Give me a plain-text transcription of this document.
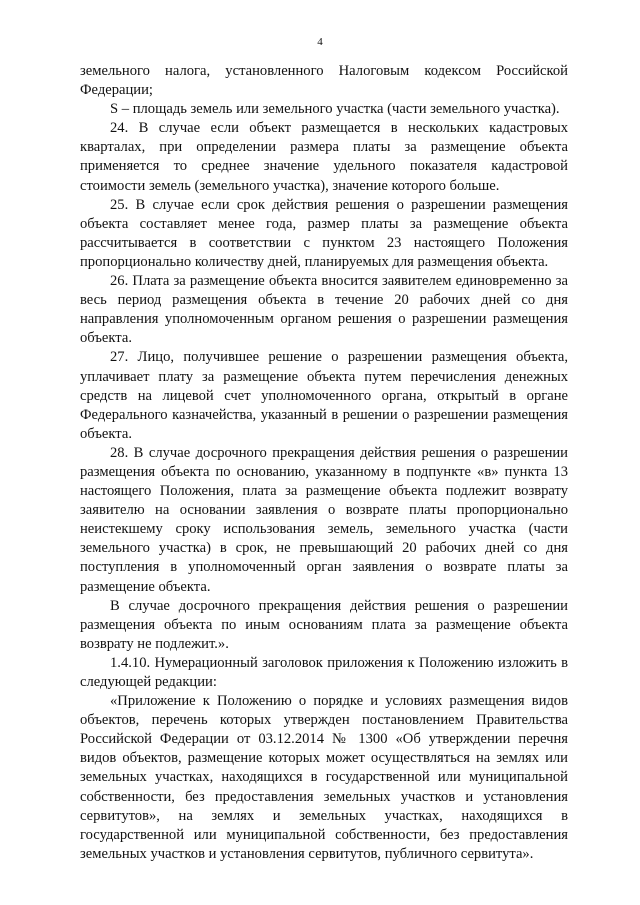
4

земельного налога, установленного Налоговым кодексом Российской Федерации;

S – площадь земель или земельного участка (части земельного участка).

24. В случае если объект размещается в нескольких кадастровых кварталах, при определении размера платы за размещение объекта применяется то среднее значение удельного показателя кадастровой стоимости земель (земельного участка), значение которого больше.

25. В случае если срок действия решения о разрешении размещения объекта составляет менее года, размер платы за размещение объекта рассчитывается в соответствии с пунктом 23 настоящего Положения пропорционально количеству дней, планируемых для размещения объекта.

26. Плата за размещение объекта вносится заявителем единовременно за весь период размещения объекта в течение 20 рабочих дней со дня направления уполномоченным органом решения о разрешении размещения объекта.

27. Лицо, получившее решение о разрешении размещения объекта, уплачивает плату за размещение объекта путем перечисления денежных средств на лицевой счет уполномоченного органа, открытый в органе Федерального казначейства, указанный в решении о разрешении размещения объекта.

28. В случае досрочного прекращения действия решения о разрешении размещения объекта по основанию, указанному в подпункте «в» пункта 13 настоящего Положения, плата за размещение объекта подлежит возврату заявителю на основании заявления о возврате платы пропорционально неистекшему сроку использования земель, земельного участка (части земельного участка) в срок, не превышающий 20 рабочих дней со дня поступления в уполномоченный орган заявления о возврате платы за размещение объекта.

В случае досрочного прекращения действия решения о разрешении размещения объекта по иным основаниям плата за размещение объекта возврату не подлежит.».

1.4.10. Нумерационный заголовок приложения к Положению изложить в следующей редакции:

«Приложение к Положению о порядке и условиях размещения видов объектов, перечень которых утвержден постановлением Правительства Российской Федерации от 03.12.2014 № 1300 «Об утверждении перечня видов объектов, размещение которых может осуществляться на землях или земельных участках, находящихся в государственной или муниципальной собственности, без предоставления земельных участков и установления сервитутов», на землях и земельных участках, находящихся в государственной или муниципальной собственности, без предоставления земельных участков и установления сервитутов, публичного сервитута».
